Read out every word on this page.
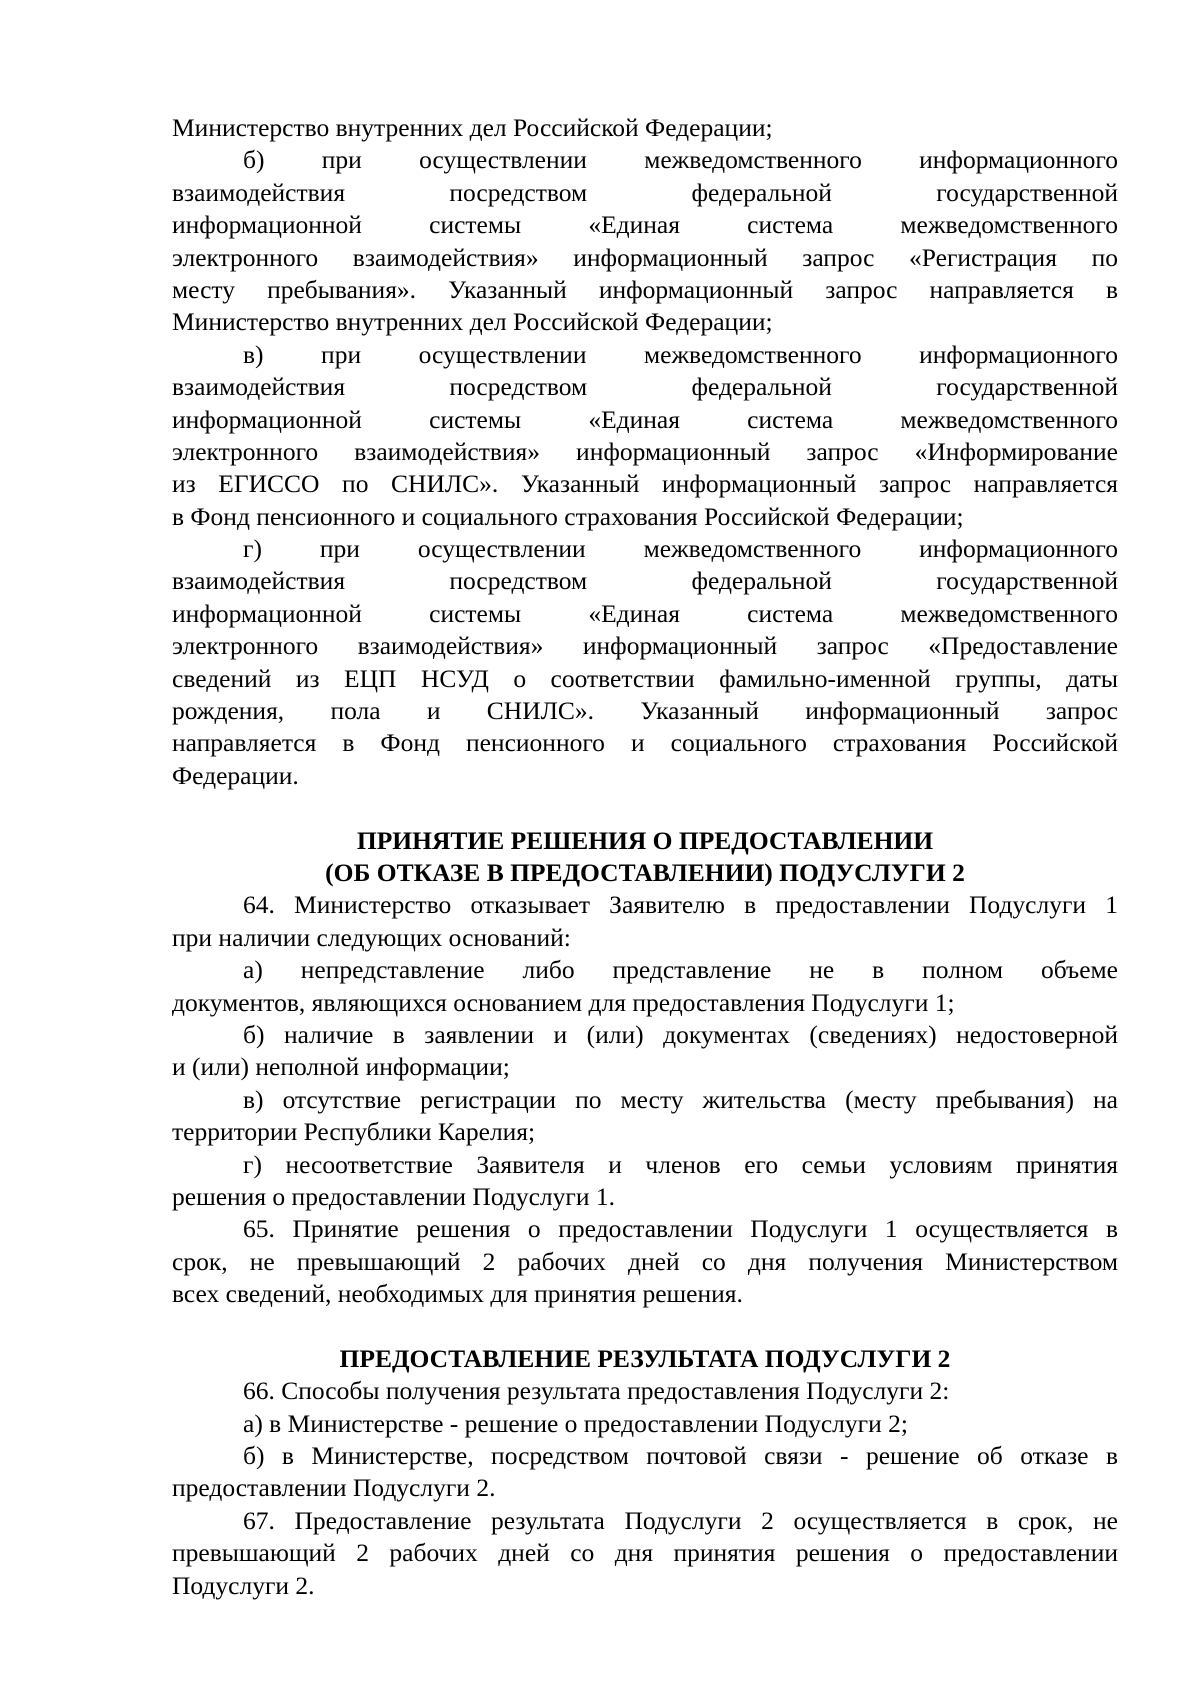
Министерство внутренних дел Российской Федерации;
б) при осуществлении межведомственного информационного
взаимодействия посредством федеральной государственной
информационной системы «Единая система межведомственного
электронного взаимодействия» информационный запрос «Регистрация по
месту пребывания». Указанный информационный запрос направляется в
Министерство внутренних дел Российской Федерации;
в) при осуществлении межведомственного информационного
взаимодействия посредством федеральной государственной
информационной системы «Единая система межведомственного
электронного взаимодействия» информационный запрос «Информирование
из ЕГИССО по СНИЛС». Указанный информационный запрос направляется
в Фонд пенсионного и социального страхования Российской Федерации;
г) при осуществлении межведомственного информационного
взаимодействия посредством федеральной государственной
информационной системы «Единая система межведомственного
электронного взаимодействия» информационный запрос «Предоставление
сведений из ЕЦП НСУД о соответствии фамильно-именной группы, даты
рождения, пола и СНИЛС». Указанный информационный запрос
направляется в Фонд пенсионного и социального страхования Российской
Федерации.
ПРИНЯТИЕ РЕШЕНИЯ О ПРЕДОСТАВЛЕНИИ
(ОБ ОТКАЗЕ В ПРЕДОСТАВЛЕНИИ) ПОДУСЛУГИ 2
64. Министерство отказывает Заявителю в предоставлении Подуслуги 1
при наличии следующих оснований:
а) непредставление либо представление не в полном объеме
документов, являющихся основанием для предоставления Подуслуги 1;
б) наличие в заявлении и (или) документах (сведениях) недостоверной
и (или) неполной информации;
в) отсутствие регистрации по месту жительства (месту пребывания) на
территории Республики Карелия;
г) несоответствие Заявителя и членов его семьи условиям принятия
решения о предоставлении Подуслуги 1.
65. Принятие решения о предоставлении Подуслуги 1 осуществляется в
срок, не превышающий 2 рабочих дней со дня получения Министерством
всех сведений, необходимых для принятия решения.
ПРЕДОСТАВЛЕНИЕ РЕЗУЛЬТАТА ПОДУСЛУГИ 2
66. Способы получения результата предоставления Подуслуги 2:
а) в Министерстве - решение о предоставлении Подуслуги 2;
б) в Министерстве, посредством почтовой связи - решение об отказе в
предоставлении Подуслуги 2.
67. Предоставление результата Подуслуги 2 осуществляется в срок, не
превышающий 2 рабочих дней со дня принятия решения о предоставлении
Подуслуги 2.
